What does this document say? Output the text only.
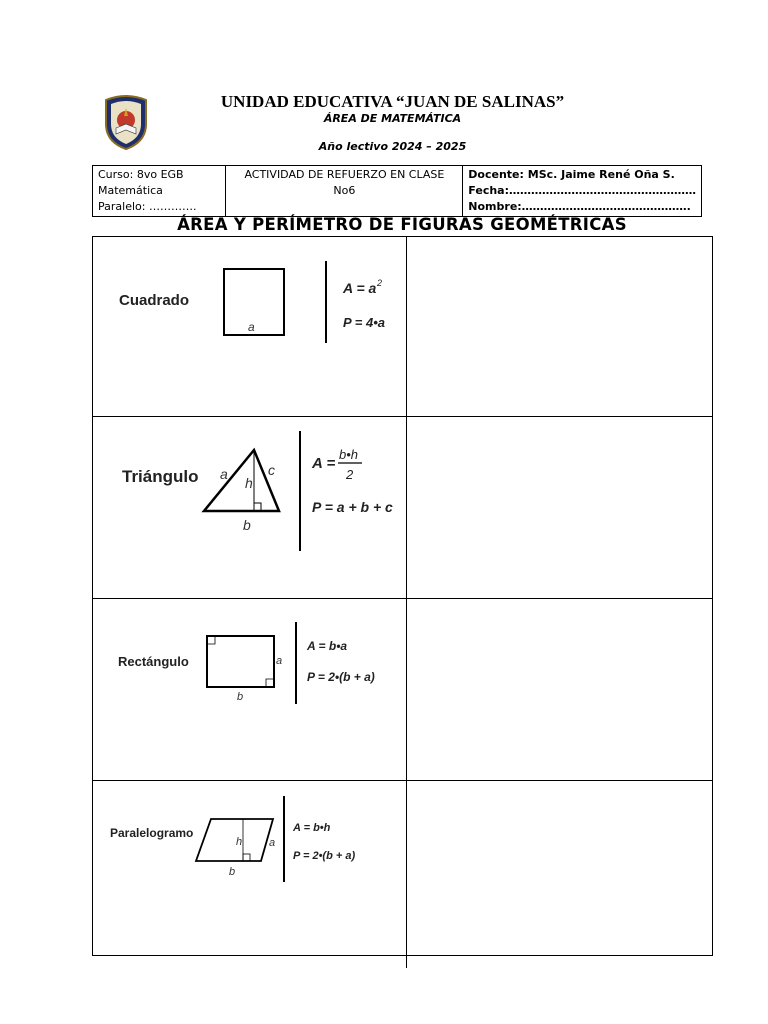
UNIDAD EDUCATIVA “JUAN DE SALINAS”
ÁREA DE MATEMÁTICA
Año lectivo 2024 – 2025
Curso: 8vo EGB
Matemática
Paralelo: ………….

ACTIVIDAD DE REFUERZO EN CLASE
No6

Docente: MSc. Jaime René Oña S.
Fecha:……………………………………………
Nombre:……………………………………….
ÁREA Y PERÍMETRO DE FIGURAS GEOMÉTRICAS
Cuadrado
a
A = a 2
P = 4•a
Triángulo a	c
h
b
A =
b•h
2
P = a + b + c
Rectángulo	a
b
A = b•a
P = 2•(b + a)
Paralelogramo
h a
b
A = b•h
P = 2•(b + a)
